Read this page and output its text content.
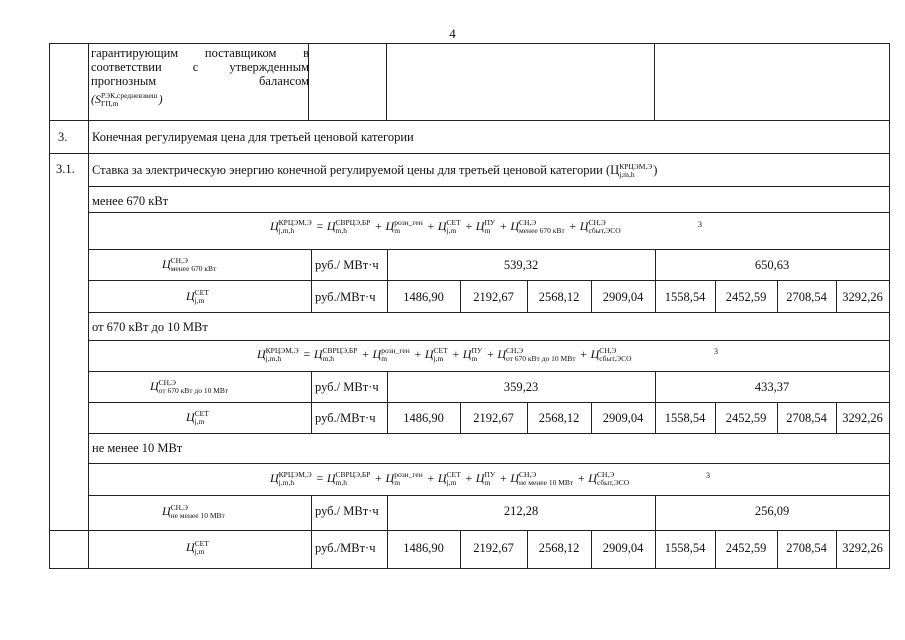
4
гарантирующим поставщиком в
соответствии с утвержденным
прогнозным балансом
(S РЭК,средневзвеш
ГП,m	)
3. Конечная регулируемая цена для третьей ценовой категории
3.1. Ставка за электрическую энергию конечной регулируемой цены для третьей ценовой категории (Ц КРЦЭМ,Э
j,m,h	)
менее 670 кВт
Ц КРЦЭМ,Э
j,m,h	= Ц СВРЦЭ,БР
m,h	+ Ц розн_ген
m	+ Ц СЕТ
j,m + Ц ПУ
m + Ц СН,Э
менее 670 кВт + Ц СН,Э
сбыт,ЭСО
3
Ц СН,Э
менее 670 кВт	руб./ МВт·ч	539,32	650,63
Ц СЕТ
j,m	руб./МВт·ч	1486,90	2192,67	2568,12	2909,04	1558,54	2452,59	2708,54	3292,26
от 670 кВт до 10 МВт
Ц КРЦЭМ,Э
j,m,h	= Ц СВРЦЭ,БР
m,h	+ Ц розн_ген
m	+ Ц СЕТ
j,m + Ц ПУ
m + Ц СН,Э
от 670 кВт до 10 МВт + Ц СН,Э
сбыт,ЭСО
3
Ц СН,Э
от 670 кВт до 10 МВт	руб./ МВт·ч	359,23	433,37
Ц СЕТ
j,m	руб./МВт·ч	1486,90	2192,67	2568,12	2909,04	1558,54	2452,59	2708,54	3292,26
не менее 10 МВт
Ц КРЦЭМ,Э
j,m,h	= Ц СВРЦЭ,БР
m,h	+ Ц розн_ген
m	+ Ц СЕТ
j,m + Ц ПУ
m + Ц СН,Э
не менее 10 МВт + Ц СН,Э
сбыт,ЭСО
3
Ц СН,Э
не менее 10 МВт	руб./ МВт·ч	212,28	256,09
Ц СЕТ
j,m	руб./МВт·ч	1486,90	2192,67	2568,12	2909,04	1558,54	2452,59	2708,54	3292,26
